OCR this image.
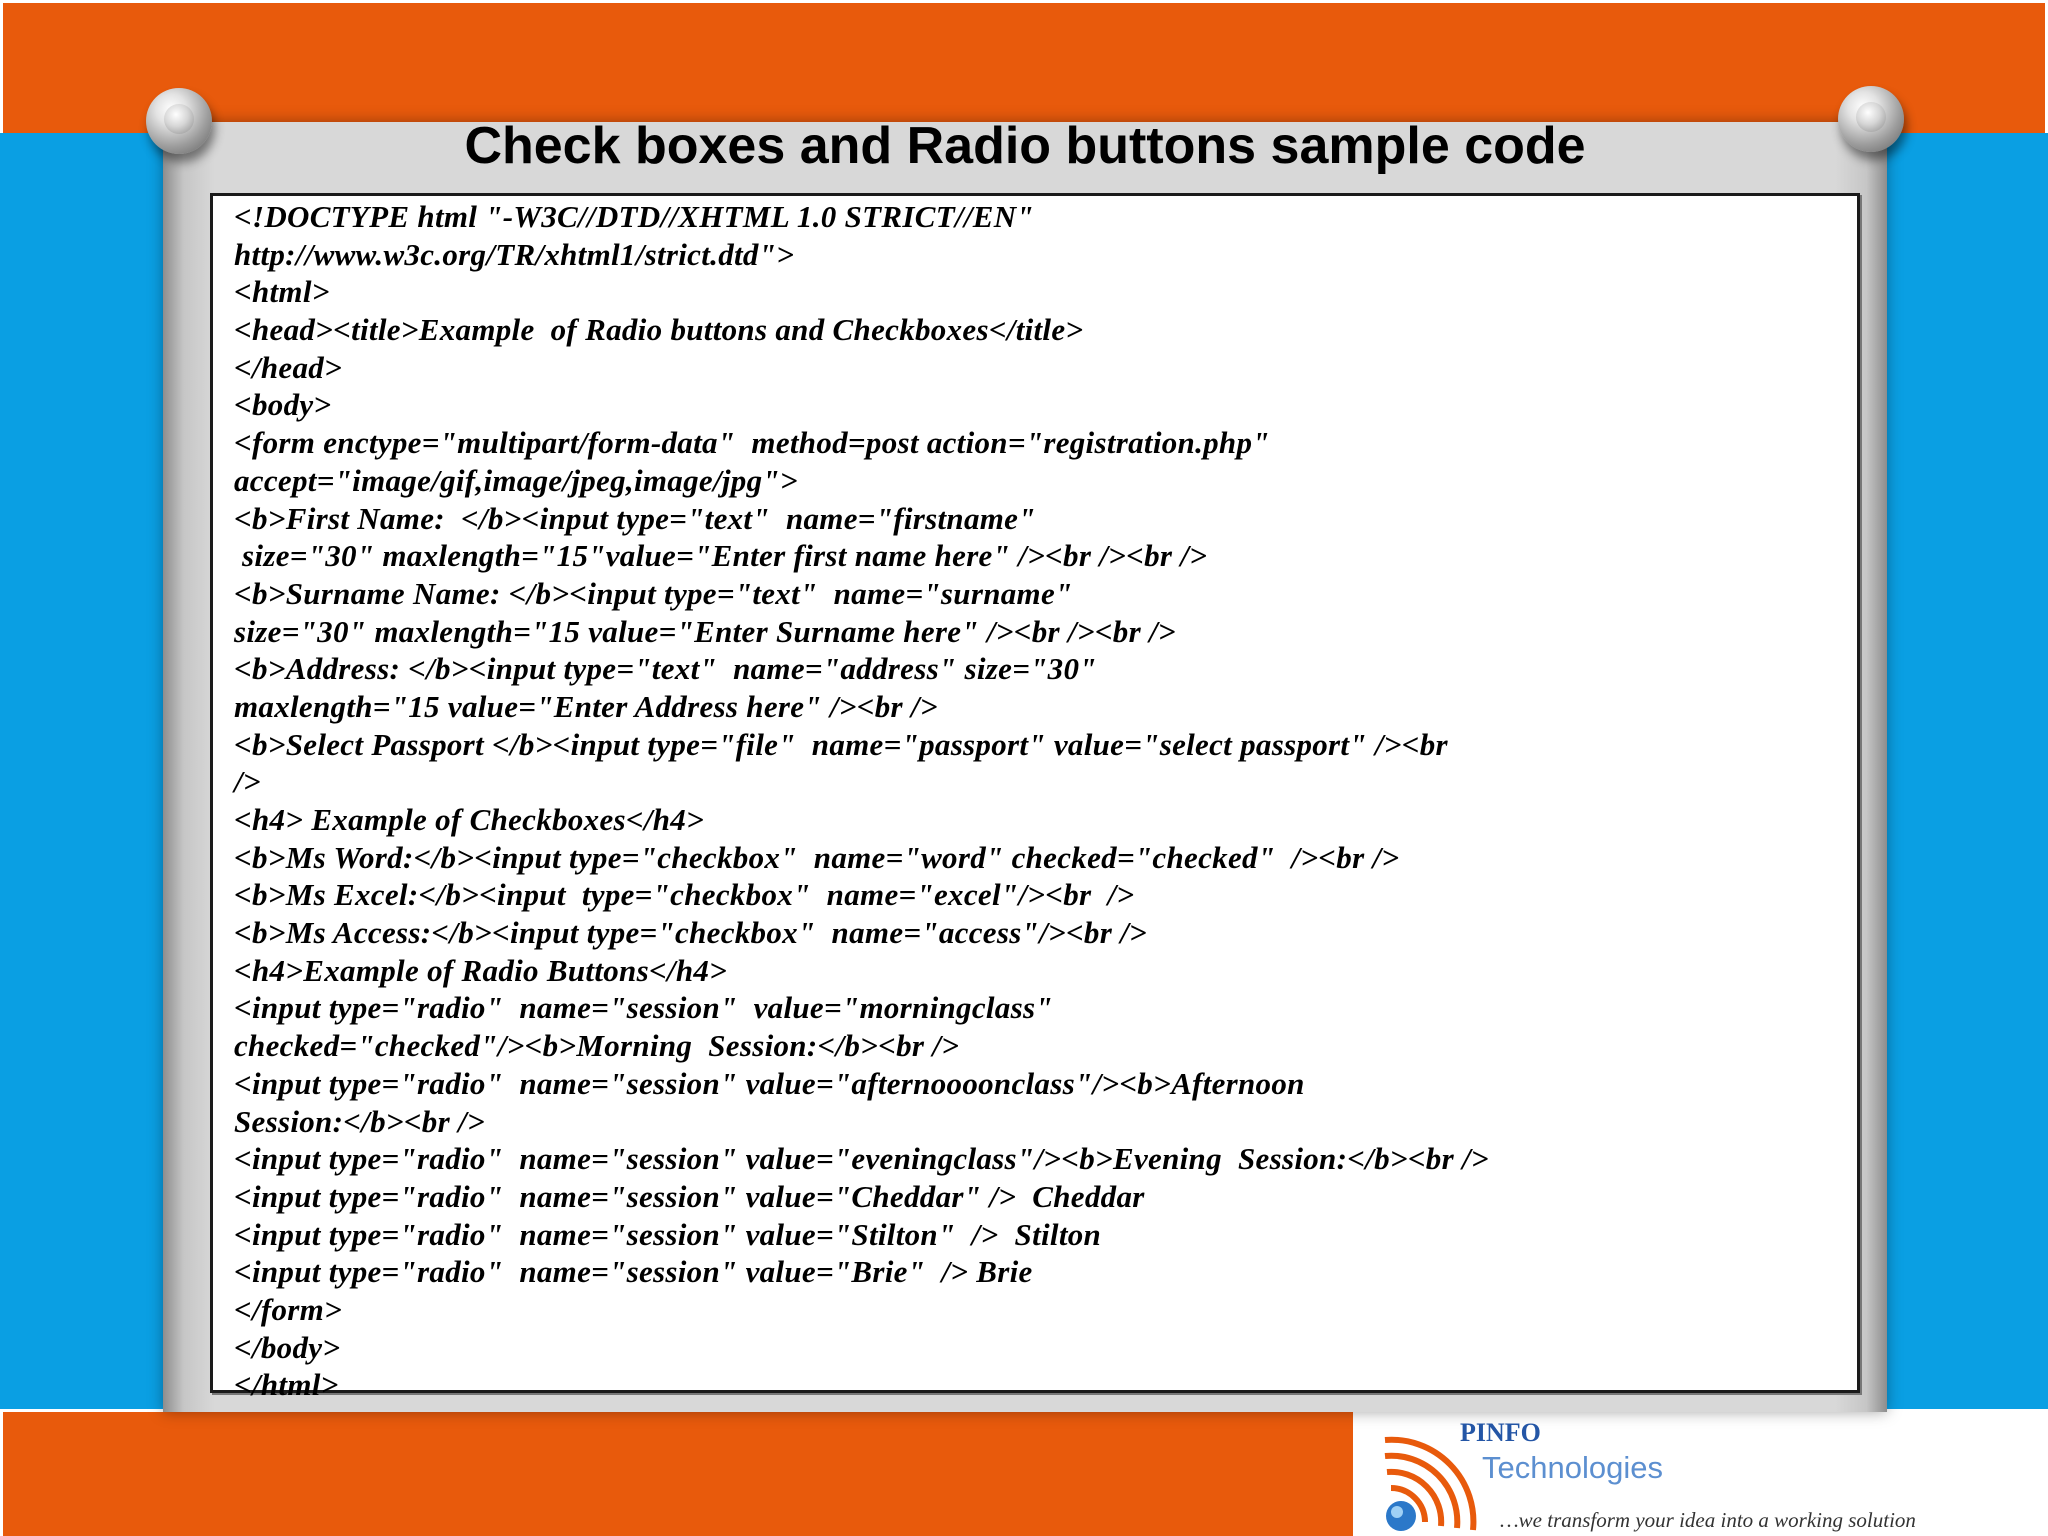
Check boxes and Radio buttons sample code
<!DOCTYPE html "-W3C//DTD//XHTML 1.0 STRICT//EN"
http://www.w3c.org/TR/xhtml1/strict.dtd">
<html>
<head><title>Example  of Radio buttons and Checkboxes</title>
</head>
<body>
<form enctype="multipart/form-data"  method=post action="registration.php"
accept="image/gif,image/jpeg,image/jpg">
<b>First Name:  </b><input type="text"  name="firstname"
size="30" maxlength="15"value="Enter first name here" /><br /><br />
<b>Surname Name: </b><input type="text"  name="surname"
size="30" maxlength="15 value="Enter Surname here" /><br /><br />
<b>Address: </b><input type="text"  name="address" size="30"
maxlength="15 value="Enter Address here" /><br />
<b>Select Passport </b><input type="file"  name="passport" value="select passport" /><br
/>
<h4> Example of Checkboxes</h4>
<b>Ms Word:</b><input type="checkbox"  name="word" checked="checked"  /><br />
<b>Ms Excel:</b><input  type="checkbox"  name="excel"/><br  />
<b>Ms Access:</b><input type="checkbox"  name="access"/><br />
<h4>Example of Radio Buttons</h4>
<input type="radio"  name="session"  value="morningclass"
checked="checked"/><b>Morning  Session:</b><br />
<input type="radio"  name="session" value="afternoooonclass"/><b>Afternoon
Session:</b><br />
<input type="radio"  name="session" value="eveningclass"/><b>Evening  Session:</b><br />
<input type="radio"  name="session" value="Cheddar" />  Cheddar
<input type="radio"  name="session" value="Stilton"  />  Stilton
<input type="radio"  name="session" value="Brie"  /> Brie
</form>
</body>
</html>
PINFO
Technologies
…we transform your idea into a working solution
